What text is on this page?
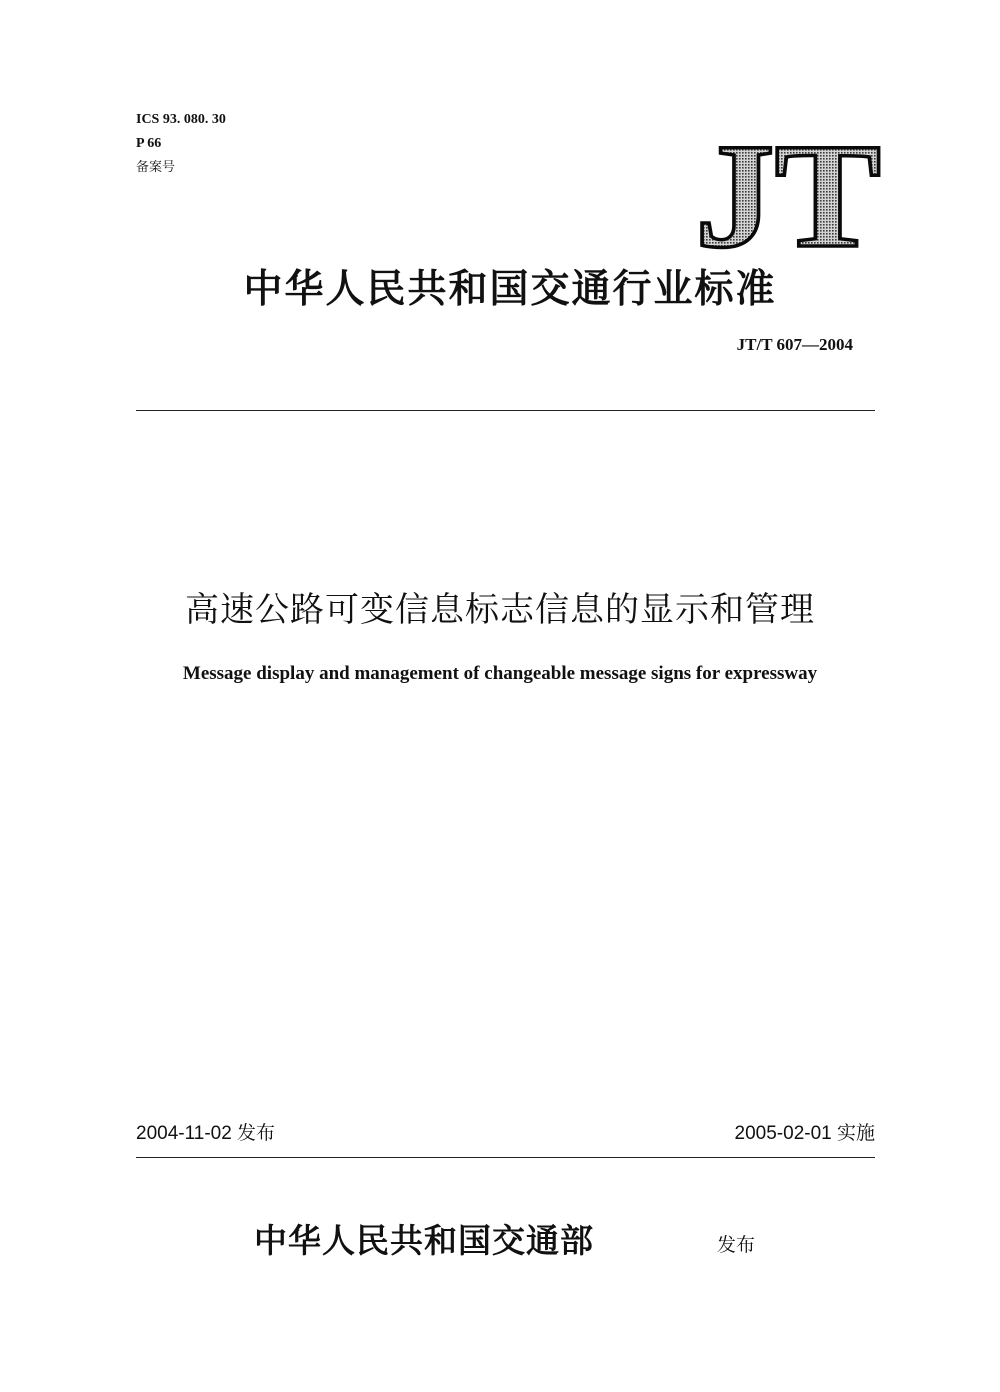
ICS 93. 080. 30
P 66
备案号	JT
中华人民共和国交通行业标准
JT/T 607—2004
高速公路可变信息标志信息的显示和管理
Message display and management of changeable message signs for expressway
2004-11-02 发布	2005-02-01 实施
中华人民共和国交通部	发布
